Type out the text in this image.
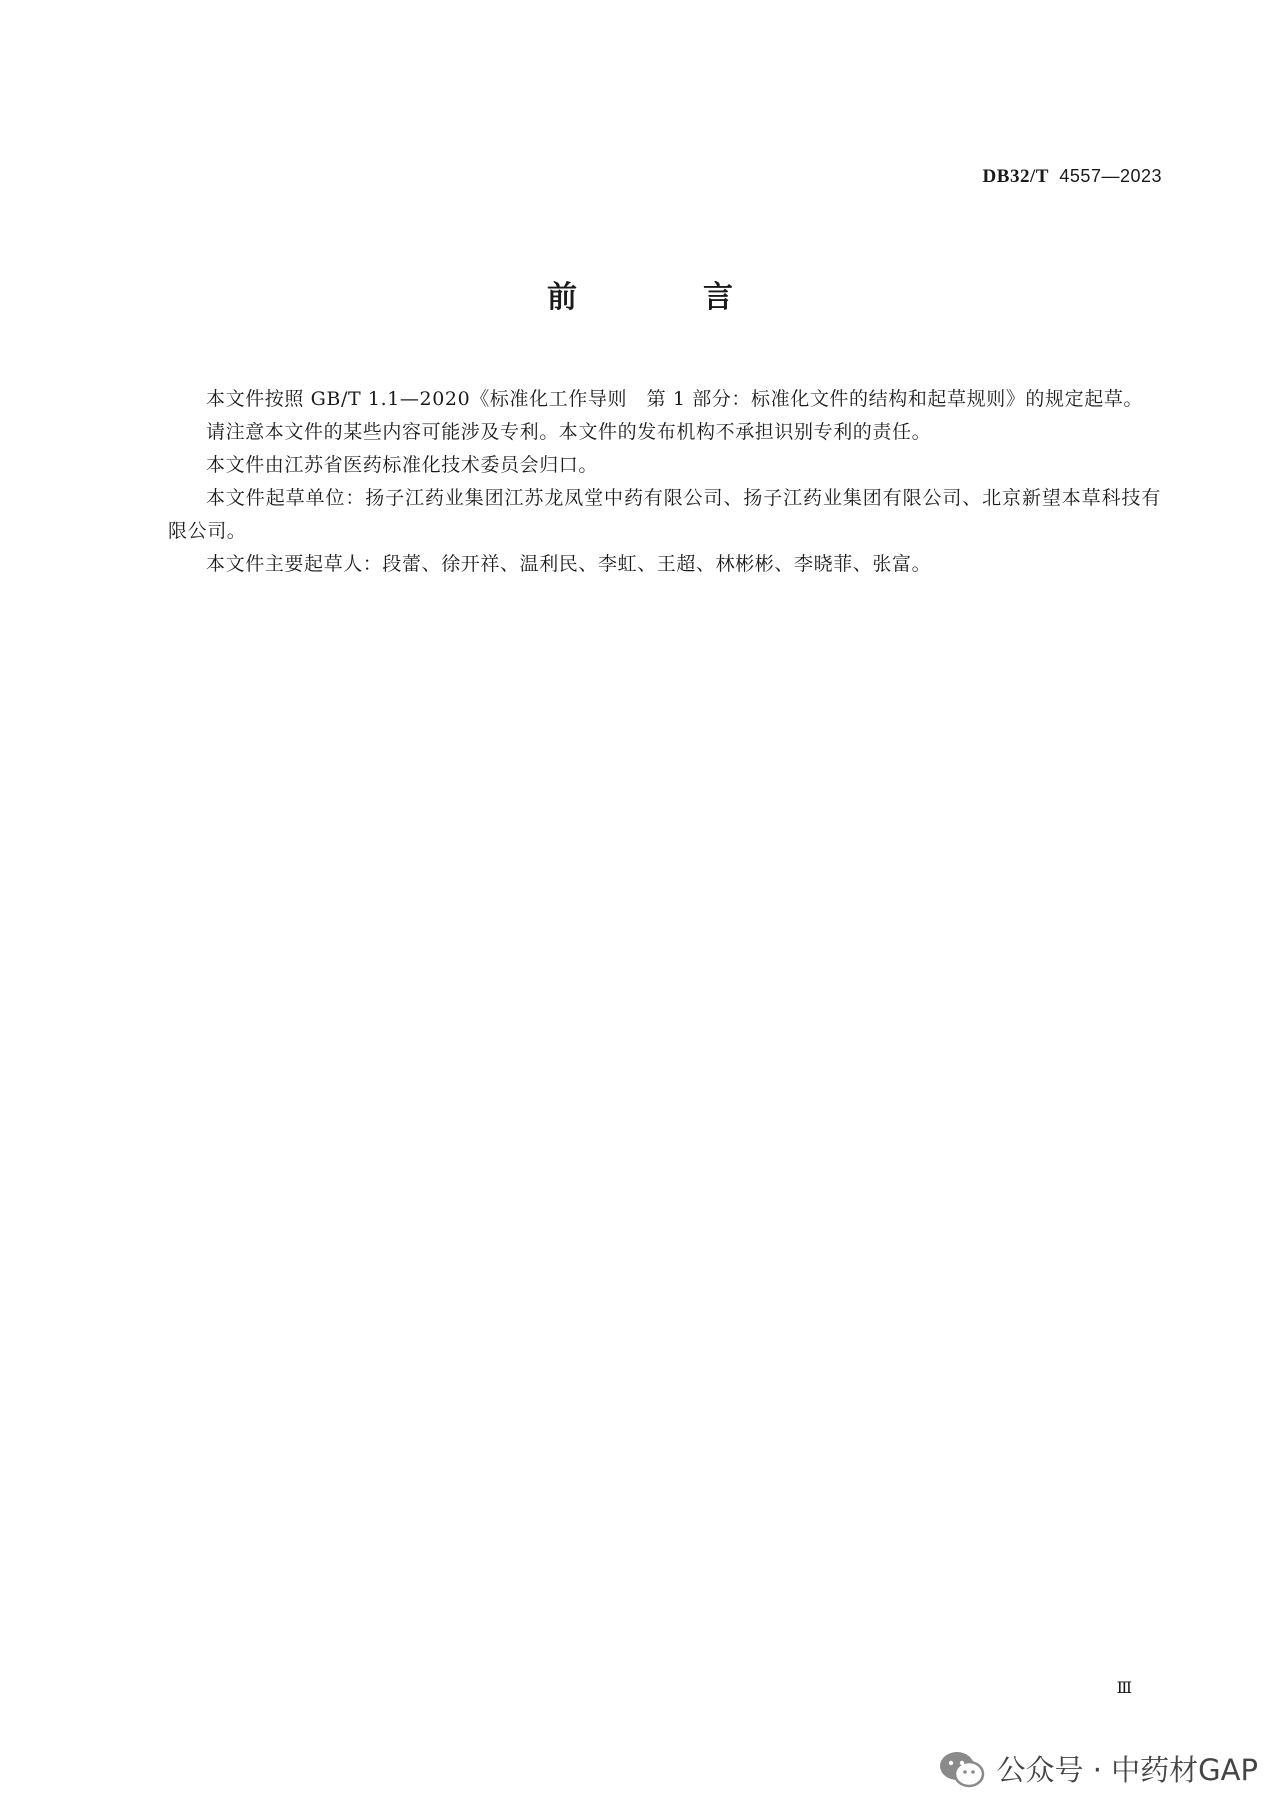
DB32/T 4557—2023
前　言

本文件按照 GB/T 1.1—2020《标准化工作导则　第 1 部分：标准化文件的结构和起草规则》的规定起草。

请注意本文件的某些内容可能涉及专利。本文件的发布机构不承担识别专利的责任。

本文件由江苏省医药标准化技术委员会归口。

本文件起草单位：扬子江药业集团江苏龙凤堂中药有限公司、扬子江药业集团有限公司、北京新望本草科技有限公司。

本文件主要起草人：段蕾、徐开祥、温利民、李虹、王超、林彬彬、李晓菲、张富。

Ⅲ
公众号 · 中药材GAP
